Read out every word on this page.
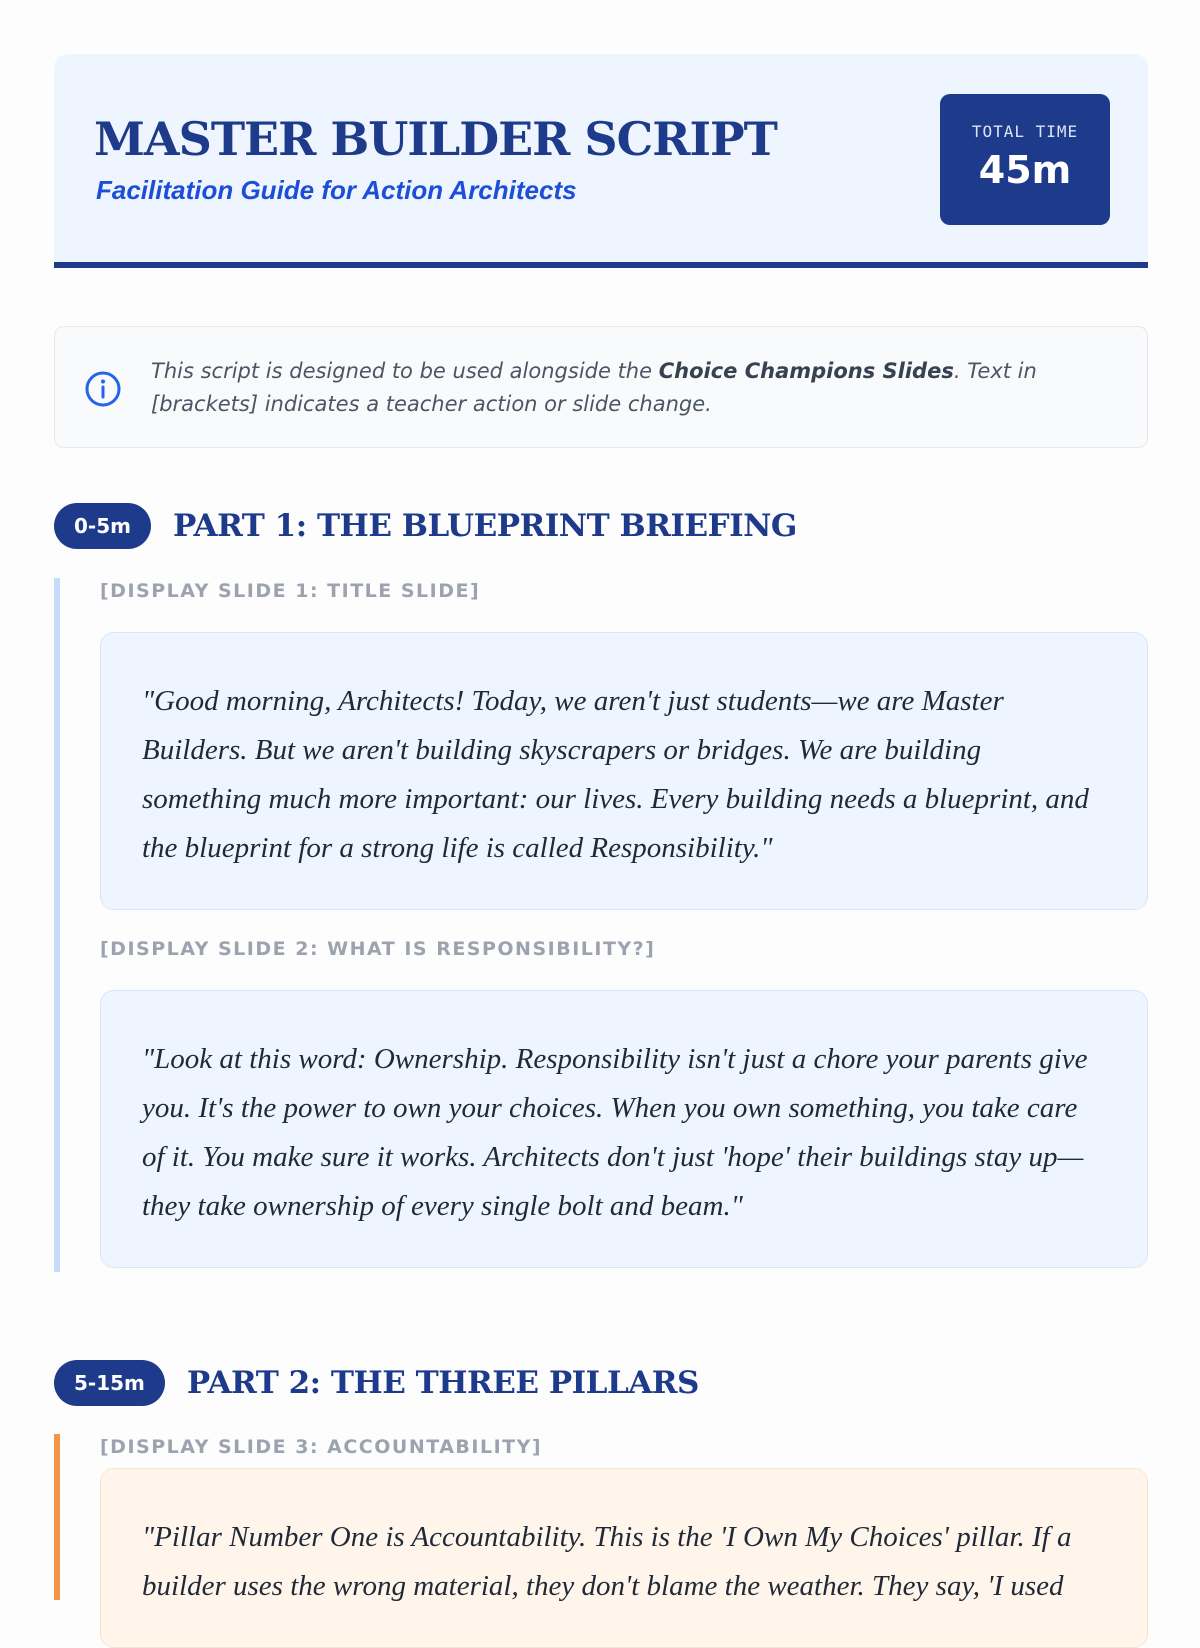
MASTER BUILDER SCRIPT
Facilitation Guide for Action Architects
TOTAL TIME
45m
This script is designed to be used alongside the Choice Champions Slides. Text in [brackets] indicates a teacher action or slide change.
0-5m	PART 1: THE BLUEPRINT BRIEFING
[DISPLAY SLIDE 1: TITLE SLIDE]

"Good morning, Architects! Today, we aren't just students—we are Master Builders. But we aren't building skyscrapers or bridges. We are building something much more important: our lives. Every building needs a blueprint, and the blueprint for a strong life is called Responsibility."

[DISPLAY SLIDE 2: WHAT IS RESPONSIBILITY?]

"Look at this word: Ownership. Responsibility isn't just a chore your parents give you. It's the power to own your choices. When you own something, you take care of it. You make sure it works. Architects don't just 'hope' their buildings stay up—they take ownership of every single bolt and beam."

5-15m	PART 2: THE THREE PILLARS
[DISPLAY SLIDE 3: ACCOUNTABILITY]

"Pillar Number One is Accountability. This is the 'I Own My Choices' pillar. If a builder uses the wrong material, they don't blame the weather. They say, 'I used
